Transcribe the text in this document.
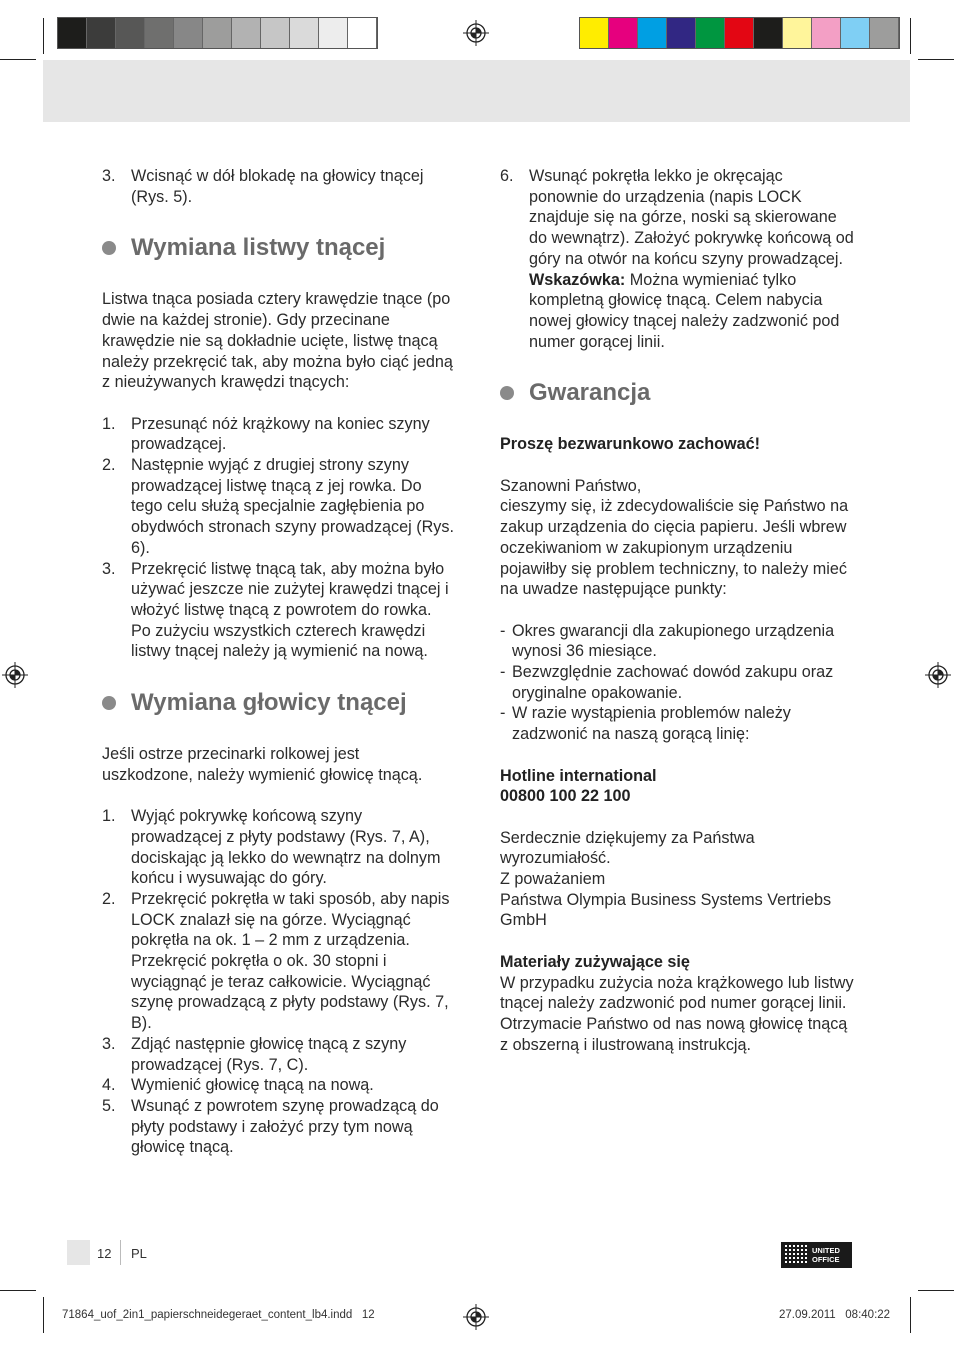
3. Wcisnąć w dół blokadę na głowicy tnącej (Rys. 5).
Wymiana listwy tnącej

Listwa tnąca posiada cztery krawędzie tnące (po dwie na każdej stronie). Gdy przecinane krawędzie nie są dokładnie ucięte, listwę tnącą należy przekręcić tak, aby można było ciąć jedną z nieużywanych krawędzi tnących:

1. Przesunąć nóż krążkowy na koniec szyny prowadzącej.
2. Następnie wyjąć z drugiej strony szyny prowadzącej listwę tnącą z jej rowka. Do tego celu służą specjalnie zagłębienia po obydwóch stronach szyny prowadzącej (Rys. 6).
3. Przekręcić listwę tnącą tak, aby można było używać jeszcze nie zużytej krawędzi tnącej i włożyć listwę tnącą z powrotem do rowka. Po zużyciu wszystkich czterech krawędzi listwy tnącej należy ją wymienić na nową.
Wymiana głowicy tnącej

Jeśli ostrze przecinarki rolkowej jest uszkodzone, należy wymienić głowicę tnącą.

1. Wyjąć pokrywkę końcową szyny prowadzącej z płyty podstawy (Rys. 7, A), dociskając ją lekko do wewnątrz na dolnym końcu i wysuwając do góry.
2. Przekręcić pokrętła w taki sposób, aby napis LOCK znalazł się na górze. Wyciągnąć pokrętła na ok. 1 – 2 mm z urządzenia. Przekręcić pokrętła o ok. 30 stopni i wyciągnąć je teraz całkowicie. Wyciągnąć szynę prowadzącą z płyty podstawy (Rys. 7, B).
3. Zdjąć następnie głowicę tnącą z szyny prowadzącej (Rys. 7, C).
4. Wymienić głowicę tnącą na nową.
5. Wsunąć z powrotem szynę prowadzącą do płyty podstawy i założyć przy tym nową głowicę tnącą.
6. Wsunąć pokrętła lekko je okręcając ponownie do urządzenia (napis LOCK znajduje się na górze, noski są skierowane do wewnątrz). Założyć pokrywkę końcową od góry na otwór na końcu szyny prowadzącej.
Wskazówka: Można wymieniać tylko kompletną głowicę tnącą. Celem nabycia nowej głowicy tnącej należy zadzwonić pod numer gorącej linii.
Gwarancja

Proszę bezwarunkowo zachować!

Szanowni Państwo,

cieszymy się, iż zdecydowaliście się Państwo na zakup urządzenia do cięcia papieru. Jeśli wbrew oczekiwaniom w zakupionym urządzeniu pojawiłby się problem techniczny, to należy mieć na uwadze następujące punkty:

- Okres gwarancji dla zakupionego urządzenia wynosi 36 miesiące.
- Bezwzględnie zachować dowód zakupu oraz oryginalne opakowanie.
- W razie wystąpienia problemów należy zadzwonić na naszą gorącą linię:

Hotline international

00800 100 22 100

Serdecznie dziękujemy za Państwa wyrozumiałość.

Z poważaniem

Państwa Olympia Business Systems Vertriebs GmbH

Materiały zużywające się

W przypadku zużycia noża krążkowego lub listwy tnącej należy zadzwonić pod numer gorącej linii. Otrzymacie Państwo od nas nową głowicę tnącą z obszerną i ilustrowaną instrukcją.

12 PL	UNITED
OFFICE
71864_uof_2in1_papierschneidegeraet_content_lb4.indd   12	27.09.2011   08:40:22
